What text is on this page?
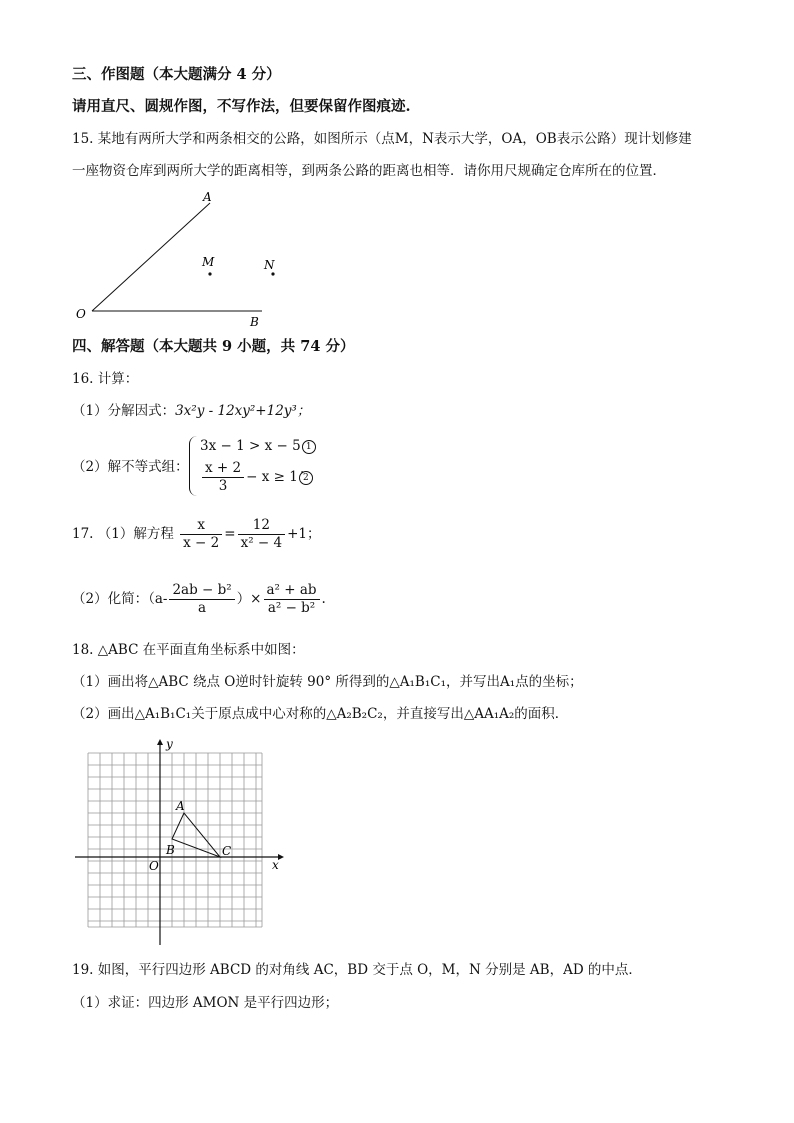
三、作图题（本大题满分 4 分）
请用直尺、圆规作图，不写作法，但要保留作图痕迹.
15. 某地有两所大学和两条相交的公路，如图所示（点M，N表示大学，OA，OB表示公路）现计划修建
一座物资仓库到两所大学的距离相等，到两条公路的距离也相等．请你用尺规确定仓库所在的位置．
A
M	N
O
B
四、解答题（本大题共 9 小题，共 74 分）
16. 计算：
（1）分解因式：3x²y - 12xy²+12y³；
（2）解不等式组：
3x − 1 > x − 5 1
$\frac{x + 2}{3} - x \ge 1$ 2
.
17. （1）解方程 $\frac{x}{x - 2} = \frac{12}{\text{x² − 4}} +1$；
（2）化简：（$a- \frac{\text{2ab − b²}}{a}$ ）× $\frac{\text{a² + ab}}{\text{a² − b²}}$ .
18. △ABC 在平面直角坐标系中如图：
（1）画出将△ABC 绕点 O逆时针旋转 90° 所得到的△A₁B₁C₁，并写出A₁点的坐标；
（2）画出△A₁B₁C₁关于原点成中心对称的△A₂B₂C₂，并直接写出△AA₁A₂的面积．
y
x
O
A
B	C
19. 如图，平行四边形 ABCD 的对角线 AC，BD 交于点 O，M，N 分别是 AB，AD 的中点．
（1）求证：四边形 AMON 是平行四边形；
